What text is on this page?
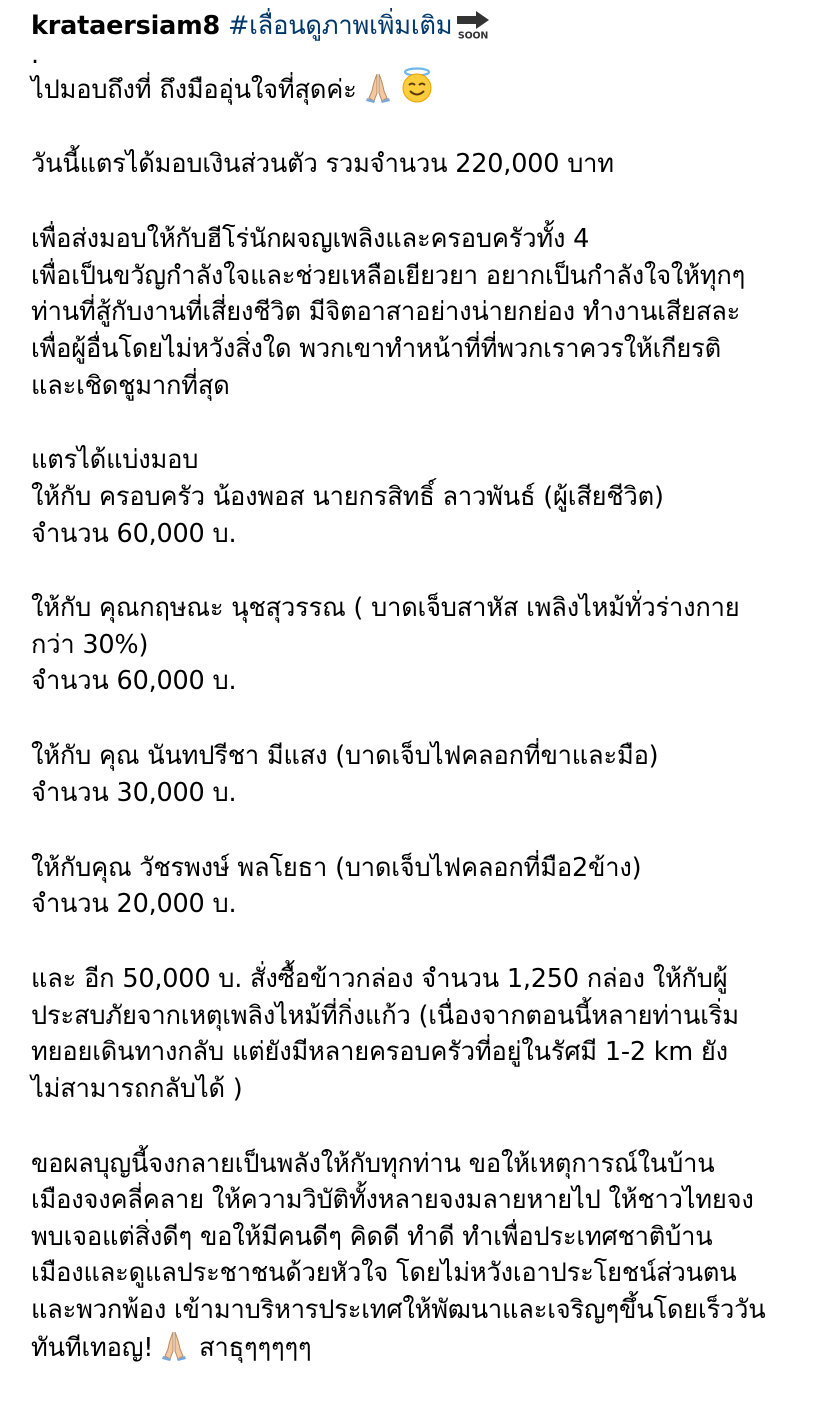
krataersiam8 #เลื่อนดูภาพเพิ่มเติม SOON
.
ไปมอบถึงที่ ถึงมืออุ่นใจที่สุดค่ะ
วันนี้แตรได้มอบเงินส่วนตัว รวมจำนวน 220,000 บาท
เพื่อส่งมอบให้กับฮีโร่นักผจญเพลิงและครอบครัวทั้ง 4
เพื่อเป็นขวัญกำลังใจและช่วยเหลือเยียวยา อยากเป็นกำลังใจให้ทุกๆ
ท่านที่สู้กับงานที่เสี่ยงชีวิต มีจิตอาสาอย่างน่ายกย่อง ทำงานเสียสละ
เพื่อผู้อื่นโดยไม่หวังสิ่งใด พวกเขาทำหน้าที่ที่พวกเราควรให้เกียรติ
และเชิดชูมากที่สุด
แตรได้แบ่งมอบ
ให้กับ ครอบครัว น้องพอส นายกรสิทธิ์ ลาวพันธ์ (ผู้เสียชีวิต)
จำนวน 60,000 บ.
ให้กับ คุณกฤษณะ นุชสุวรรณ ( บาดเจ็บสาหัส เพลิงไหม้ทั่วร่างกาย
กว่า 30%)
จำนวน 60,000 บ.
ให้กับ คุณ นันทปรีชา มีแสง (บาดเจ็บไฟคลอกที่ขาและมือ)
จำนวน 30,000 บ.
ให้กับคุณ วัชรพงษ์ พลโยธา (บาดเจ็บไฟคลอกที่มือ2ข้าง)
จำนวน 20,000 บ.
และ อีก 50,000 บ. สั่งซื้อข้าวกล่อง จำนวน 1,250 กล่อง ให้กับผู้
ประสบภัยจากเหตุเพลิงไหม้ที่กิ่งแก้ว (เนื่องจากตอนนี้หลายท่านเริ่ม
ทยอยเดินทางกลับ แต่ยังมีหลายครอบครัวที่อยู่ในรัศมี 1-2 km ยัง
ไม่สามารถกลับได้ )
ขอผลบุญนี้จงกลายเป็นพลังให้กับทุกท่าน ขอให้เหตุการณ์ในบ้าน
เมืองจงคลี่คลาย ให้ความวิบัติทั้งหลายจงมลายหายไป ให้ชาวไทยจง
พบเจอแต่สิ่งดีๆ ขอให้มีคนดีๆ คิดดี ทำดี ทำเพื่อประเทศชาติบ้าน
เมืองและดูแลประชาชนด้วยหัวใจ โดยไม่หวังเอาประโยชน์ส่วนตน
และพวกพ้อง เข้ามาบริหารประเทศให้พัฒนาและเจริญๆขึ้นโดยเร็ววัน
ทันทีเทอญ! สาธุๆๆๆๆๆ
